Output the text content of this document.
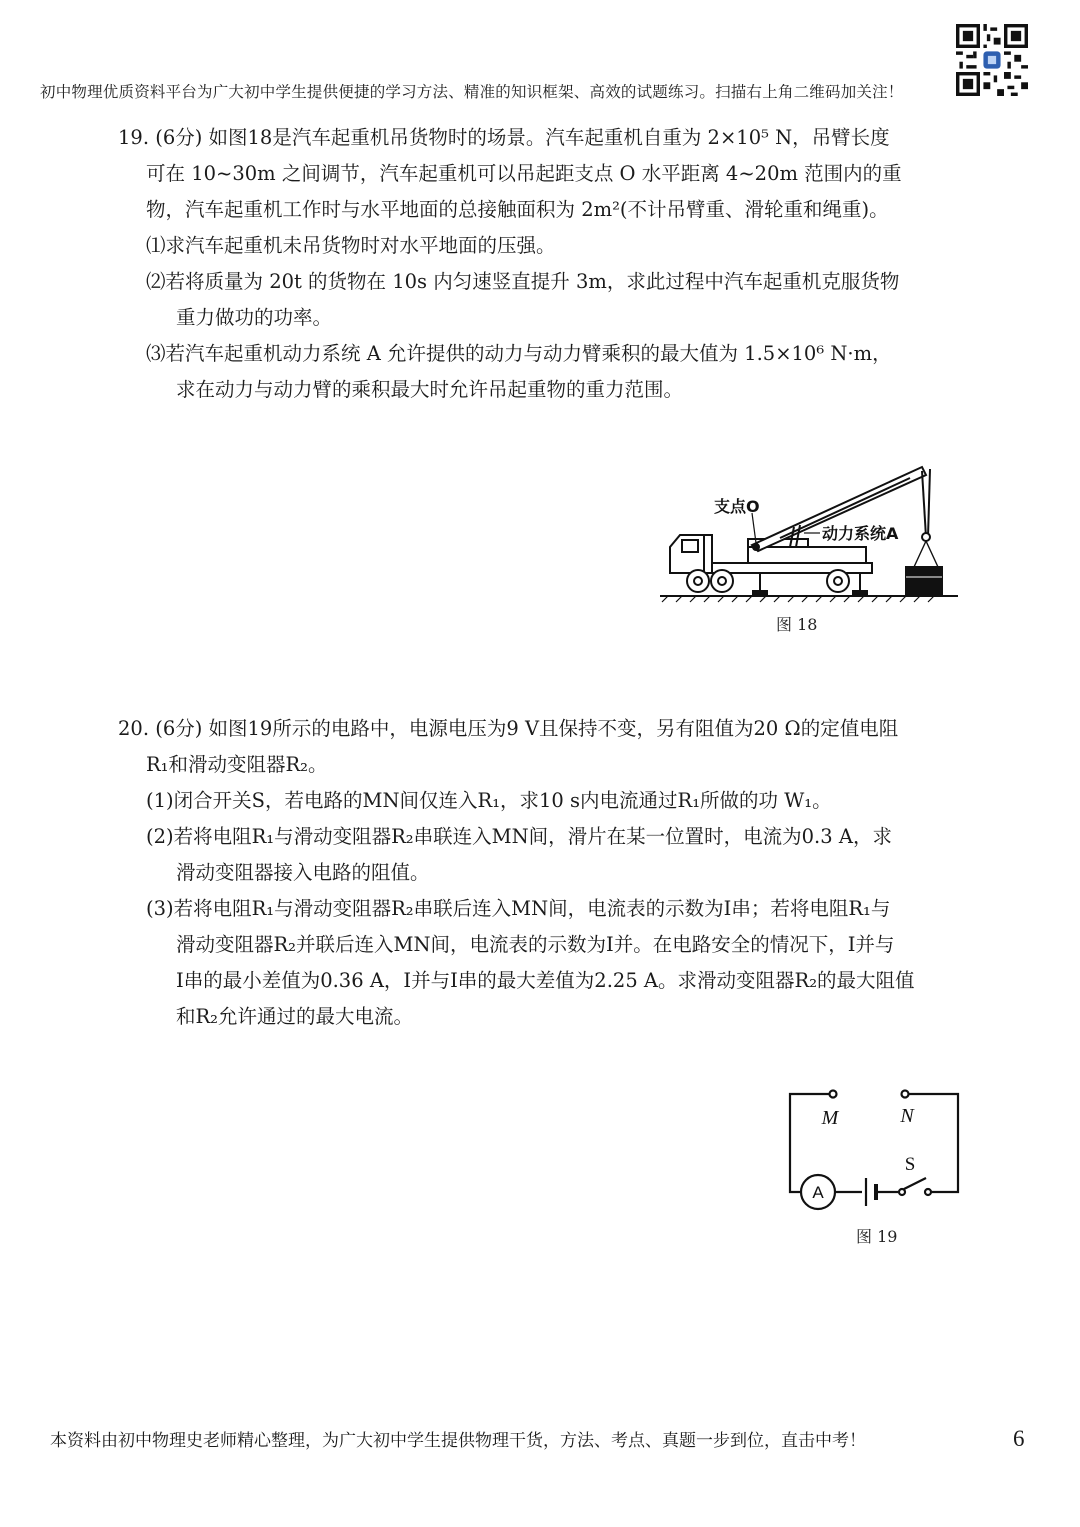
初中物理优质资料平台为广大初中学生提供便捷的学习方法、精准的知识框架、高效的试题练习。扫描右上角二维码加关注！
19. (6分) 如图18是汽车起重机吊货物时的场景。汽车起重机自重为 2×10⁵ N，吊臂长度
可在 10~30m 之间调节，汽车起重机可以吊起距支点 O 水平距离 4~20m 范围内的重
物，汽车起重机工作时与水平地面的总接触面积为 2m²(不计吊臂重、滑轮重和绳重)。
⑴求汽车起重机未吊货物时对水平地面的压强。
⑵若将质量为 20t 的货物在 10s 内匀速竖直提升 3m，求此过程中汽车起重机克服货物
重力做功的功率。
⑶若汽车起重机动力系统 A 允许提供的动力与动力臂乘积的最大值为 1.5×10⁶ N·m，
求在动力与动力臂的乘积最大时允许吊起重物的重力范围。
支点O
动力系统A
图 18
20. (6分) 如图19所示的电路中，电源电压为9 V且保持不变，另有阻值为20 Ω的定值电阻
R₁和滑动变阻器R₂。
(1)闭合开关S，若电路的MN间仅连入R₁，求10 s内电流通过R₁所做的功 W₁。
(2)若将电阻R₁与滑动变阻器R₂串联连入MN间，滑片在某一位置时，电流为0.3 A，求
滑动变阻器接入电路的阻值。
(3)若将电阻R₁与滑动变阻器R₂串联后连入MN间，电流表的示数为I串；若将电阻R₁与
滑动变阻器R₂并联后连入MN间，电流表的示数为I并。在电路安全的情况下，I并与
I串的最小差值为0.36 A，I并与I串的最大差值为2.25 A。求滑动变阻器R₂的最大阻值
和R₂允许通过的最大电流。
A
M	N
S
图 19
本资料由初中物理史老师精心整理，为广大初中学生提供物理干货，方法、考点、真题一步到位，直击中考！	6
